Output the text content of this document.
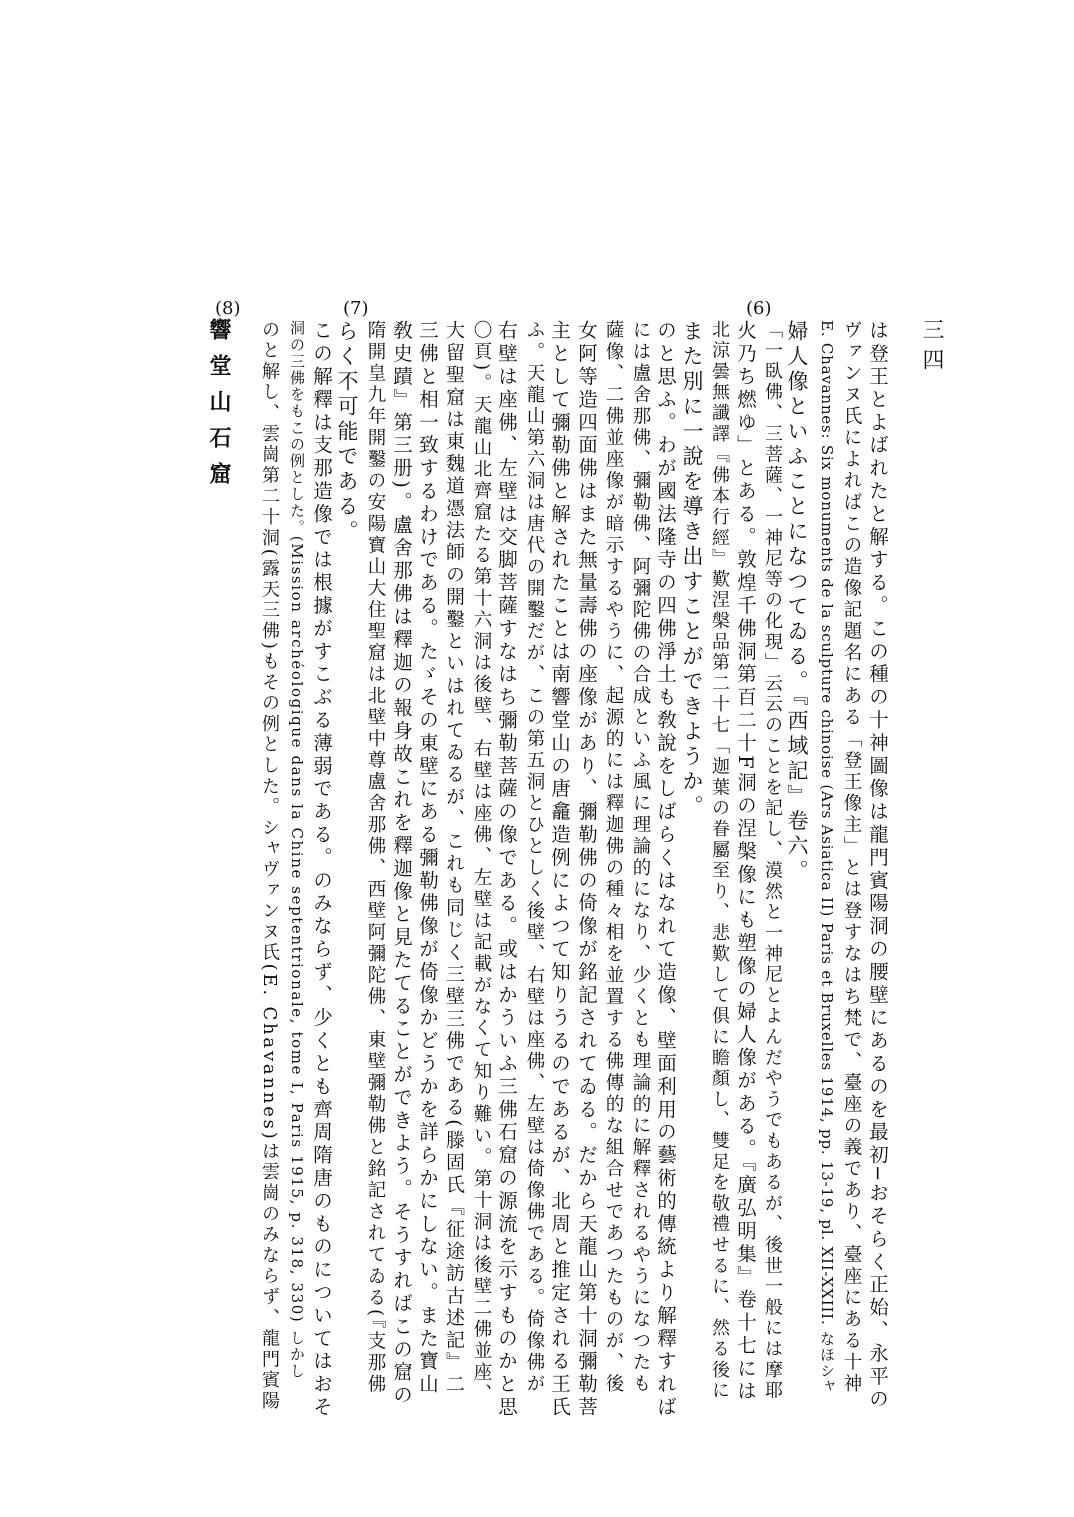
響堂山石窟	三四
(6)
(7)
(8)
のと解し、雲崗第二十洞(露天三佛)もその例とした。シャヴァンヌ氏(E. Chavannes)は雲崗のみならず、龍門賓陽 洞の三佛をもこの例とした。(Mission archéologique dans la Chine septentrionale, tome I, Paris 1915, p. 318, 330) しかし この解釋は支那造像では根據がすこぶる薄弱である。のみならず、少くとも齊周隋唐のものについてはおそ らく不可能である。 隋開皇九年開鑿の安陽寶山大住聖窟は北壁中尊盧舍那佛、西壁阿彌陀佛、東壁彌勒佛と銘記されてゐる(『支那佛 敎史蹟』第三册)。盧舍那佛は釋迦の報身故これを釋迦像と見たてることができよう。そうすればこの窟の 三佛と相一致するわけである。たゞその東壁にある彌勒佛像が倚像かどうかを詳らかにしない。また寶山 大留聖窟は東魏道憑法師の開鑿といはれてゐるが、これも同じく三壁三佛である(滕固氏『征途訪古述記』二 〇頁)。天龍山北齊窟たる第十六洞は後壁、右壁は座佛、左壁は記載がなくて知り難い。第十洞は後壁二佛並座、 右壁は座佛、左壁は交脚菩薩すなはち彌勒菩薩の像である。或はかういふ三佛石窟の源流を示すものかと思 ふ。天龍山第六洞は唐代の開鑿だが、この第五洞とひとしく後壁、右壁は座佛、左壁は倚像佛である。倚像佛が 主として彌勒佛と解されたことは南響堂山の唐龕造例によつて知りうるのであるが、北周と推定される王氏 女阿等造四面佛はまた無量壽佛の座像があり、彌勒佛の倚像が銘記されてゐる。だから天龍山第十洞彌勒菩 薩像、二佛並座像が暗示するやうに、起源的には釋迦佛の種々相を並置する佛傳的な組合せであつたものが、後 には盧舍那佛、彌勒佛、阿彌陀佛の合成といふ風に理論的になり、少くとも理論的に解釋されるやうになつたも のと思ふ。わが國法隆寺の四佛淨土も敎說をしばらくはなれて造像、壁面利用の藝術的傳統より解釋すれば また別に一說を導き出すことができようか。 北涼曇無讖譯『佛本行經』歎涅槃品第二十七「迦葉の眷屬至り、悲歎して俱に瞻顏し、雙足を敬禮せるに、然る後に 火乃ち燃ゆ」とある。敦煌千佛洞第百二十F洞の涅槃像にも塑像の婦人像がある。『廣弘明集』卷十七には 「一臥佛、三菩薩、一神尼等の化現」云云のことを記し、漠然と一神尼とよんだやうでもあるが、後世一般には摩耶 婦人像といふことになつてゐる。『西域記』卷六。 E. Chavannes: Six monuments de la sculpture chinoise (Ars Asiatica II) Paris et Bruxelles 1914, pp. 13-19, pl. XII-XXIII. なほシャ ヴァンヌ氏によればこの造像記題名にある「登王像主」とは登すなはち梵で、臺座の義であり、臺座にある十神 は登王とよばれたと解する。この種の十神圖像は龍門賓陽洞の腰壁にあるのを最初─おそらく正始、永平の
